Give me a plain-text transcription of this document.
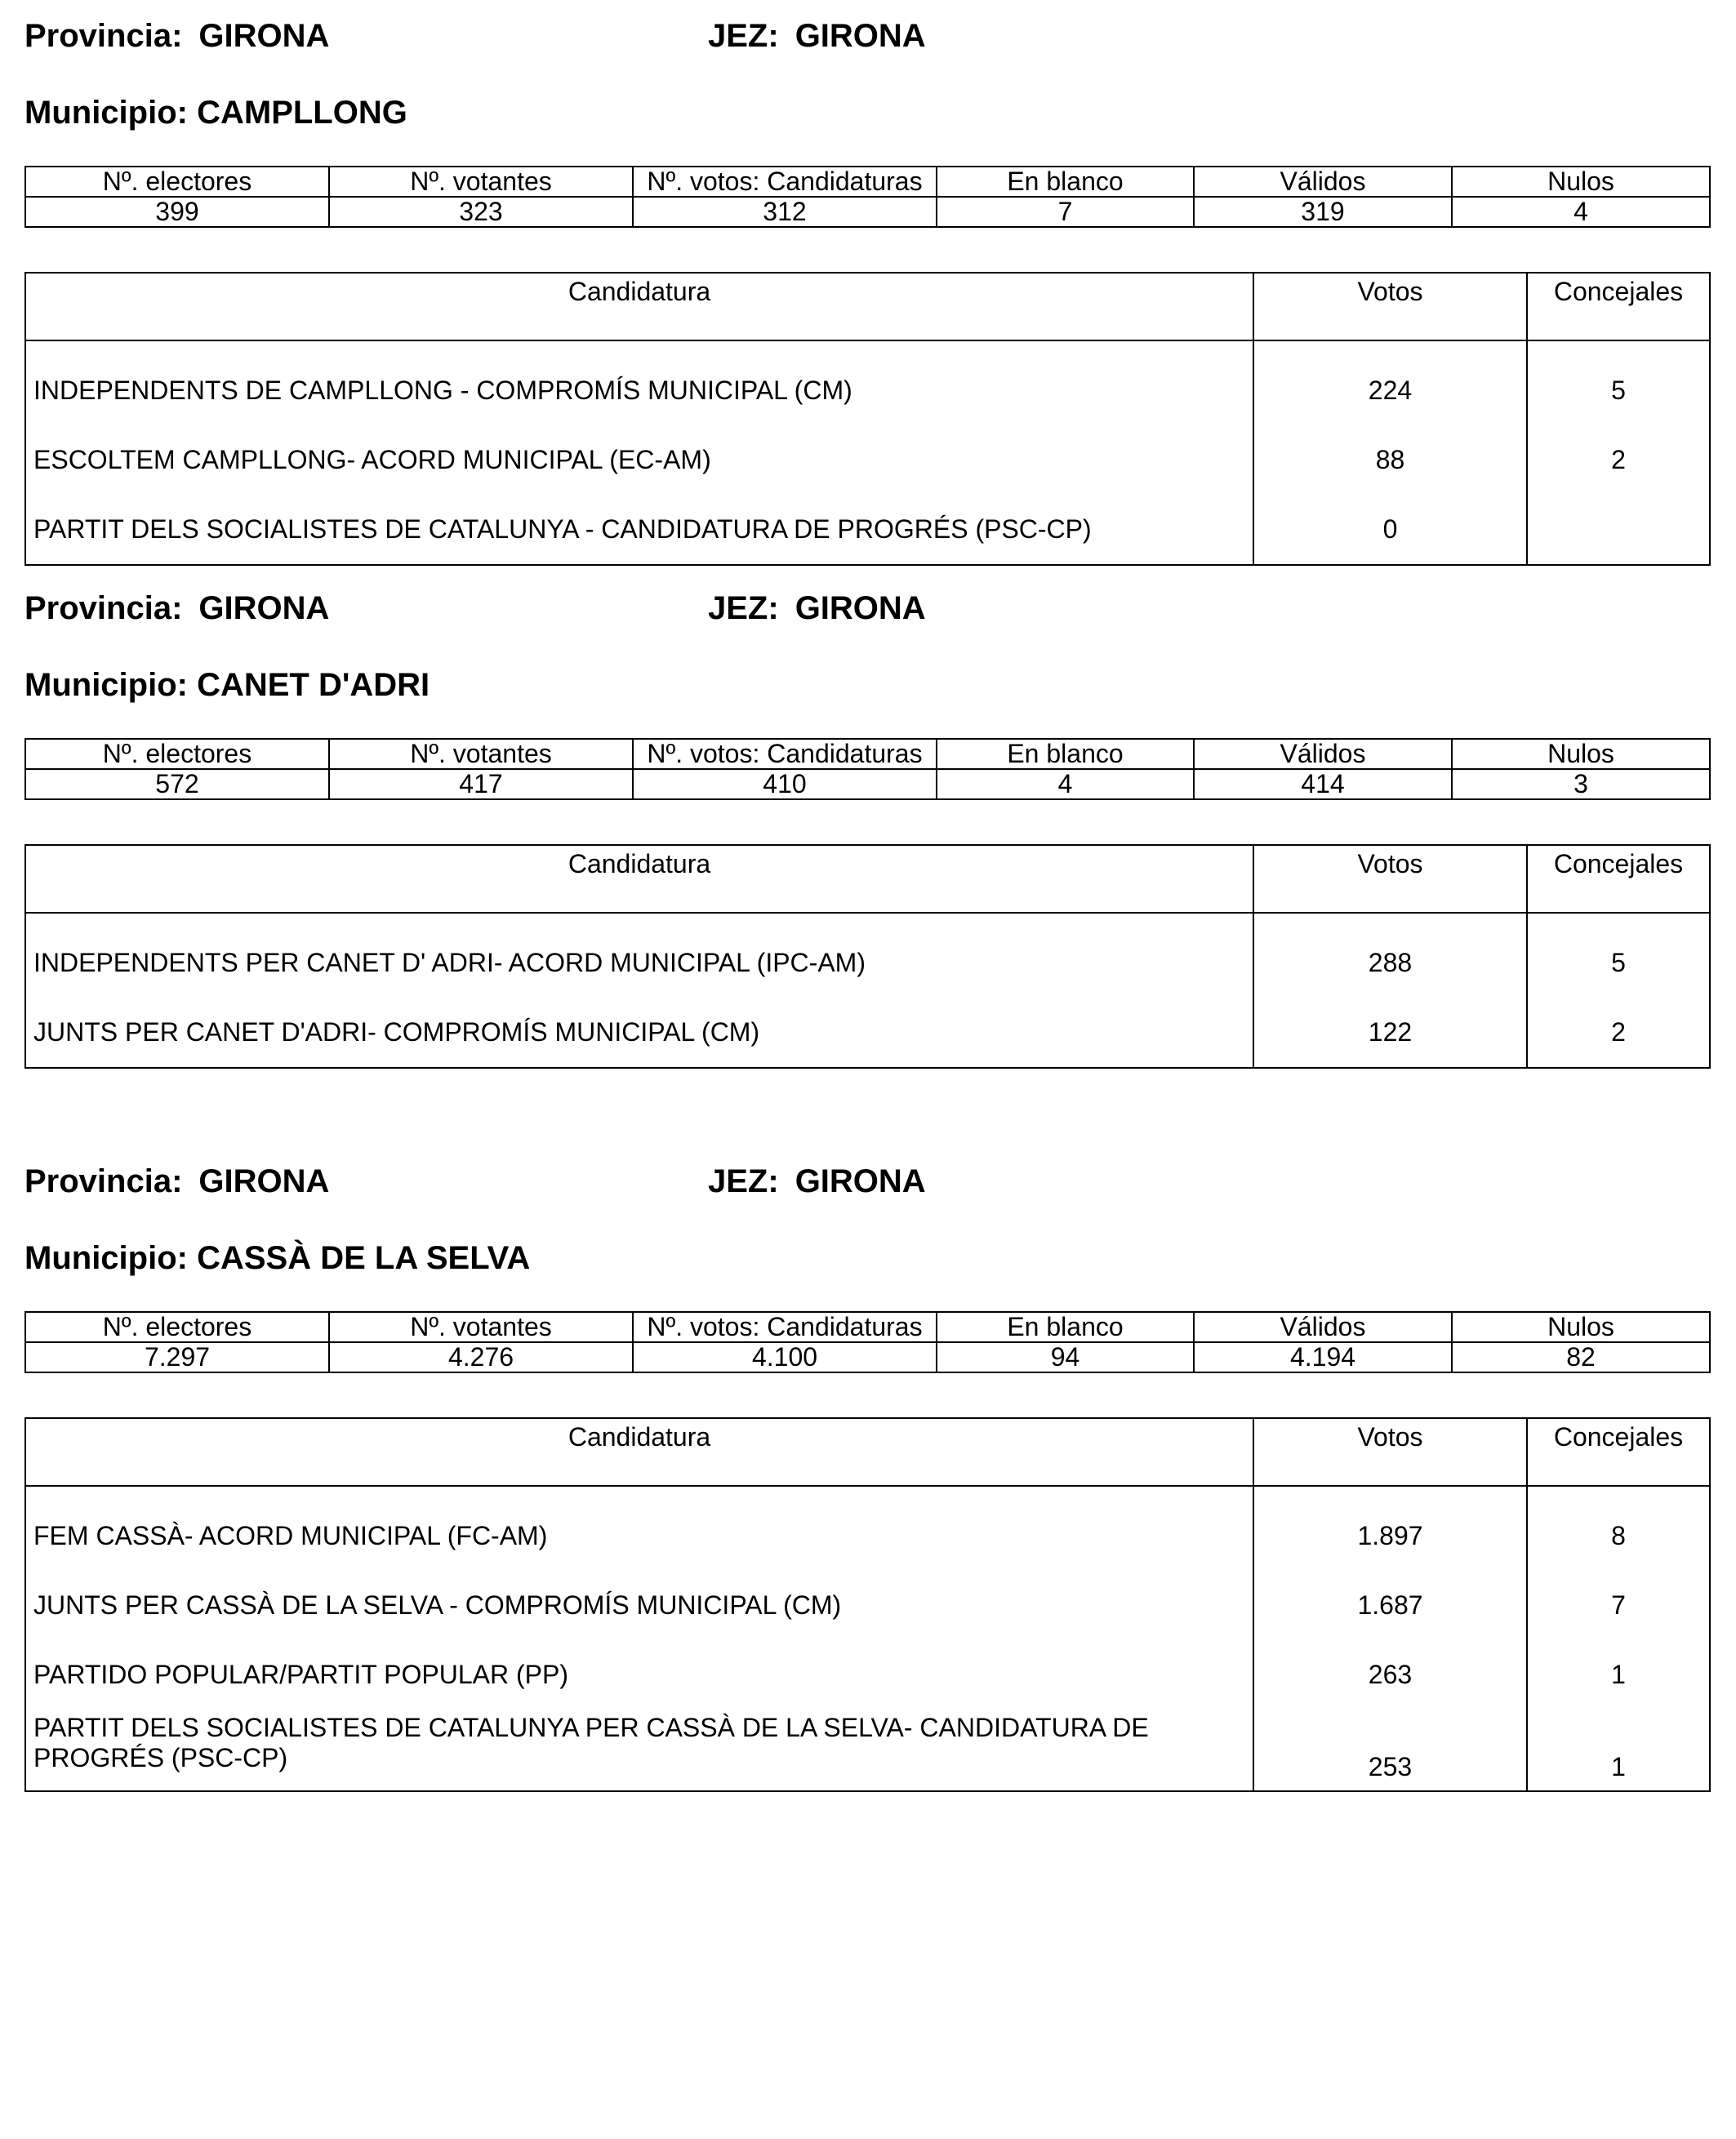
Provincia: GIRONA	JEZ: GIRONA
Municipio: CAMPLLONG
Nº. electores	Nº. votantes	Nº. votos: Candidaturas	En blanco	Válidos	Nulos
399	323	312	7	319	4
Candidatura	Votos	Concejales
INDEPENDENTS DE CAMPLLONG - COMPROMÍS MUNICIPAL (CM)	224	5
ESCOLTEM CAMPLLONG- ACORD MUNICIPAL (EC-AM)	88	2
PARTIT DELS SOCIALISTES DE CATALUNYA - CANDIDATURA DE PROGRÉS (PSC-CP)	0	
Provincia: GIRONA	JEZ: GIRONA
Municipio: CANET D'ADRI
Nº. electores	Nº. votantes	Nº. votos: Candidaturas	En blanco	Válidos	Nulos
572	417	410	4	414	3
Candidatura	Votos	Concejales
INDEPENDENTS PER CANET D' ADRI- ACORD MUNICIPAL (IPC-AM)	288	5
JUNTS PER CANET D'ADRI- COMPROMÍS MUNICIPAL (CM)	122	2
Provincia: GIRONA	JEZ: GIRONA
Municipio: CASSÀ DE LA SELVA
Nº. electores	Nº. votantes	Nº. votos: Candidaturas	En blanco	Válidos	Nulos
7.297	4.276	4.100	94	4.194	82
Candidatura	Votos	Concejales
FEM CASSÀ- ACORD MUNICIPAL (FC-AM)	1.897	8
JUNTS PER CASSÀ DE LA SELVA - COMPROMÍS MUNICIPAL (CM)	1.687	7
PARTIDO POPULAR/PARTIT POPULAR (PP)	263	1
PARTIT DELS SOCIALISTES DE CATALUNYA PER CASSÀ DE LA SELVA- CANDIDATURA DE PROGRÉS (PSC-CP)	253	1
